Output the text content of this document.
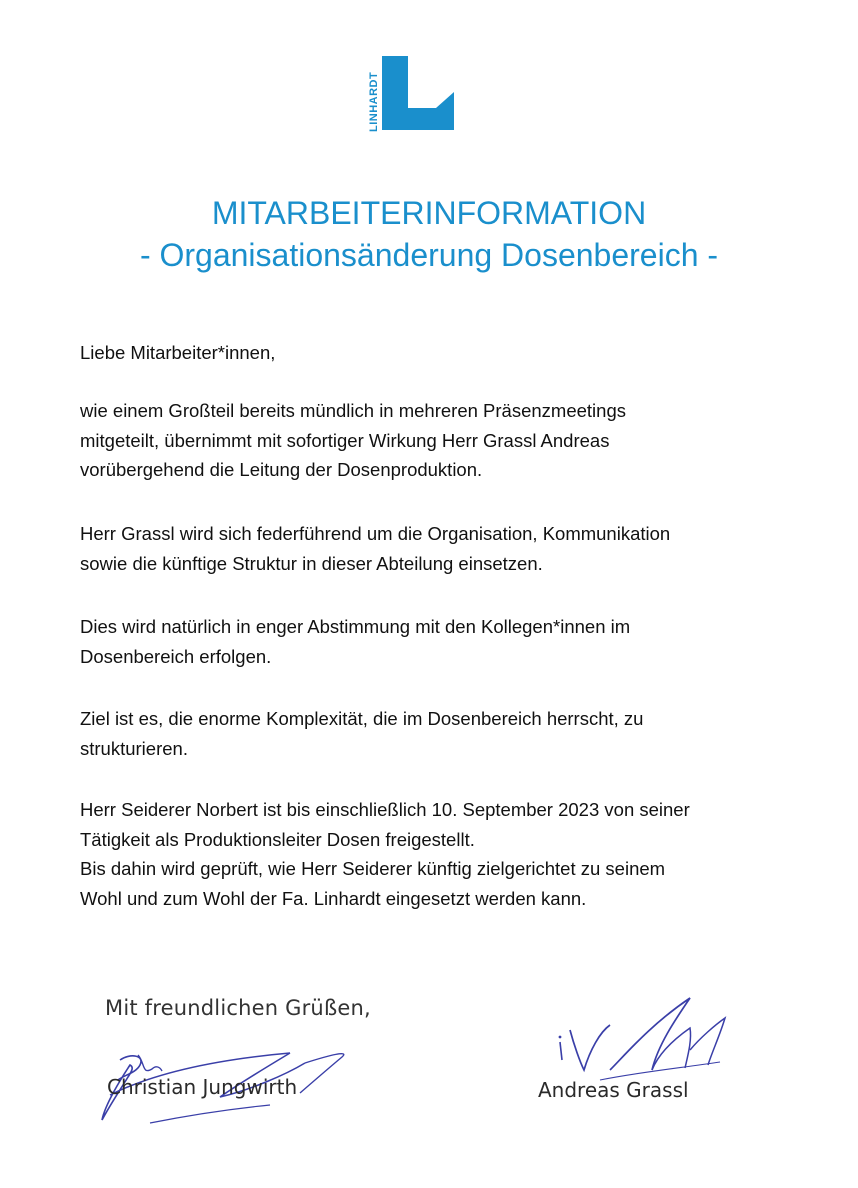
LINHARDT
MITARBEITERINFORMATION
- Organisationsänderung Dosenbereich -

Liebe Mitarbeiter*innen,

wie einem Großteil bereits mündlich in mehreren Präsenzmeetings

mitgeteilt, übernimmt mit sofortiger Wirkung Herr Grassl Andreas

vorübergehend die Leitung der Dosenproduktion.

Herr Grassl wird sich federführend um die Organisation, Kommunikation

sowie die künftige Struktur in dieser Abteilung einsetzen.

Dies wird natürlich in enger Abstimmung mit den Kollegen*innen im

Dosenbereich erfolgen.

Ziel ist es, die enorme Komplexität, die im Dosenbereich herrscht, zu

strukturieren.

Herr Seiderer Norbert ist bis einschließlich 10. September 2023 von seiner

Tätigkeit als Produktionsleiter Dosen freigestellt.

Bis dahin wird geprüft, wie Herr Seiderer künftig zielgerichtet zu seinem

Wohl und zum Wohl der Fa. Linhardt eingesetzt werden kann.

Mit freundlichen Grüßen,
Christian Jungwirth	Andreas Grassl
